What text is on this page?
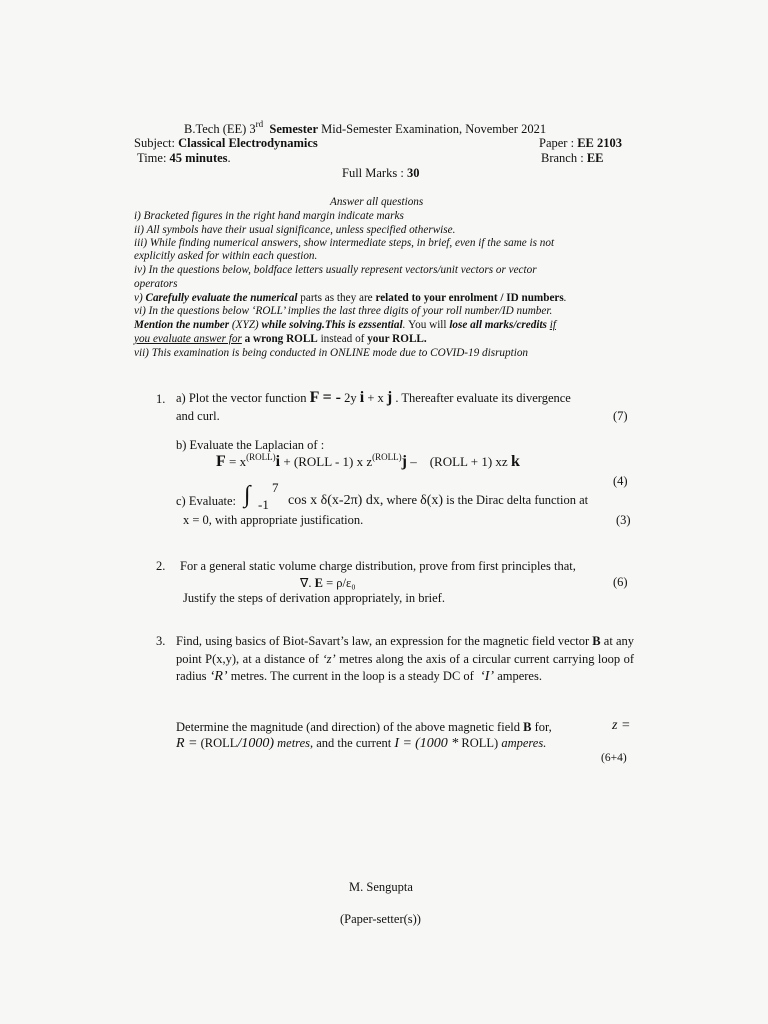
B.Tech (EE) 3rd Semester Mid-Semester Examination, November 2021
Subject: Classical Electrodynamics	Paper : EE 2103
Time: 45 minutes.	Branch : EE
Full Marks : 30
Answer all questions
i) Bracketed figures in the right hand margin indicate marks
ii) All symbols have their usual significance, unless specified otherwise.
iii) While finding numerical answers, show intermediate steps, in brief, even if the same is not
explicitly asked for within each question.
iv) In the questions below, boldface letters usually represent vectors/unit vectors or vector
operators
v) Carefully evaluate the numerical parts as they are related to your enrolment / ID numbers.
vi) In the questions below ‘ROLL’ implies the last three digits of your roll number/ID number.
Mention the number (XYZ) while solving.This is ezssential. You will lose all marks/credits if
you evaluate answer for a wrong ROLL instead of your ROLL.
vii) This examination is being conducted in ONLINE mode due to COVID-19 disruption
1. a) Plot the vector function F = - 2y i + x j . Thereafter evaluate its divergence
and curl.	(7)
b) Evaluate the Laplacian of :
$F = x^{(ROLL)}i$ + (ROLL - 1) x $z^{(ROLL)}j$ – (ROLL + 1) xz k
(4)
c) Evaluate: ∫ -1
7
cos x δ(x-2π) dx, where δ(x) is the Dirac delta function at
x = 0, with appropriate justification.	(3)
2. For a general static volume charge distribution, prove from first principles that,
∇. E = ρ/ε₀	(6)
Justify the steps of derivation appropriately, in brief.
3. Find, using basics of Biot-Savart’s law, an expression for the magnetic field vector B at any point P(x,y), at a distance of ‘z’ metres along the axis of a circular current carrying loop of radius ‘R’ metres. The current in the loop is a steady DC of ‘I’ amperes.
Determine the magnitude (and direction) of the above magnetic field B for,	z =
R = (ROLL/1000) metres, and the current I = (1000 * ROLL) amperes.
(6+4)
M. Sengupta
(Paper-setter(s))
